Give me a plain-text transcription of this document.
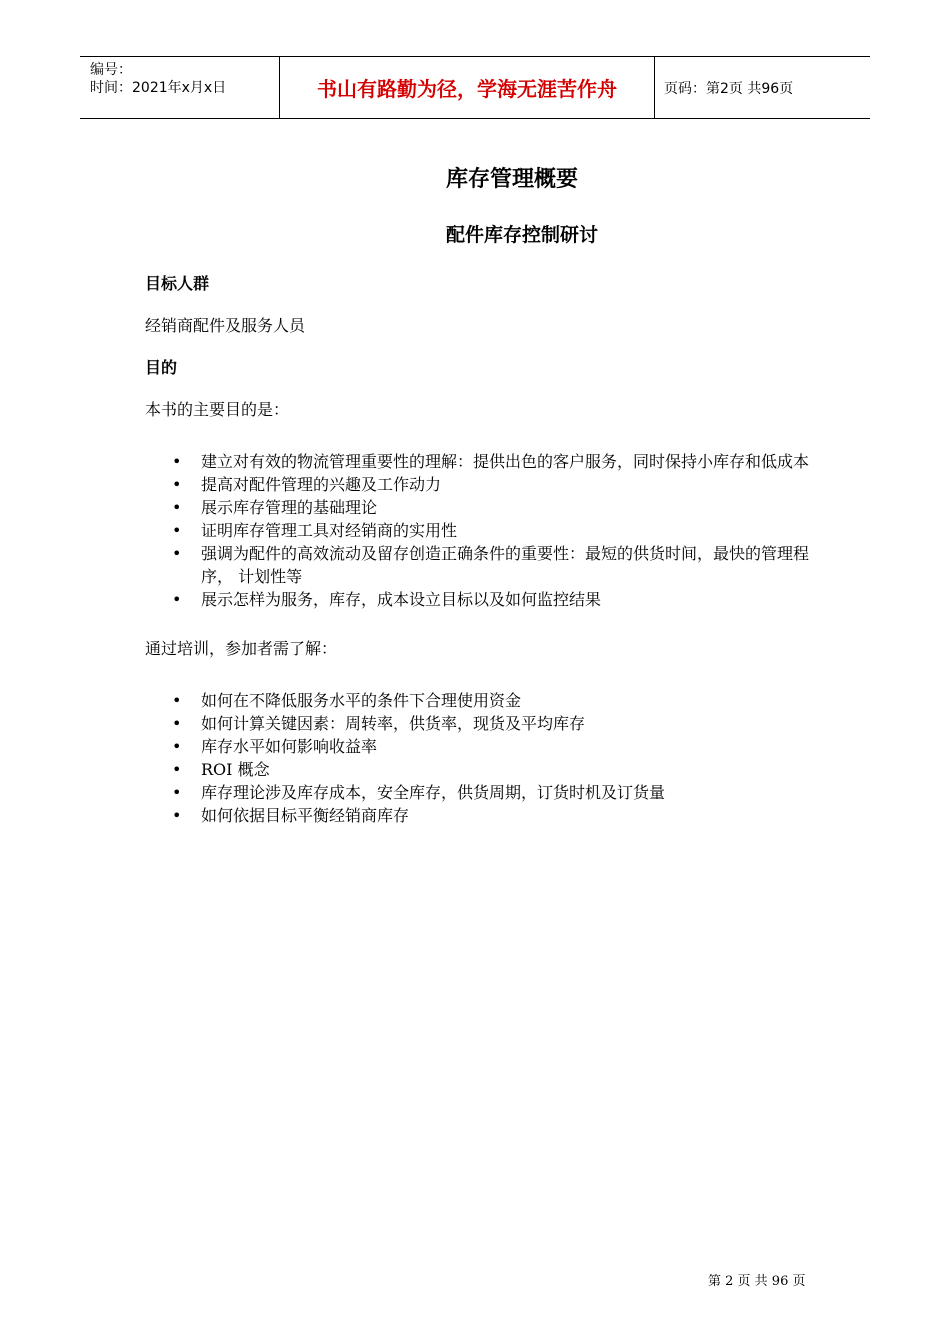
编号：
时间：2021年x月x日	书山有路勤为径，学海无涯苦作舟	页码：第2页 共96页
库存管理概要
配件库存控制研讨
目标人群
经销商配件及服务人员
目的
本书的主要目的是：
• 建立对有效的物流管理重要性的理解：提供出色的客户服务，同时保持小库存和低成本
• 提高对配件管理的兴趣及工作动力
• 展示库存管理的基础理论
• 证明库存管理工具对经销商的实用性
• 强调为配件的高效流动及留存创造正确条件的重要性：最短的供货时间，最快的管理程序， 计划性等
• 展示怎样为服务，库存，成本设立目标以及如何监控结果
通过培训，参加者需了解：
• 如何在不降低服务水平的条件下合理使用资金
• 如何计算关键因素：周转率，供货率，现货及平均库存
• 库存水平如何影响收益率
• ROI 概念
• 库存理论涉及库存成本，安全库存，供货周期，订货时机及订货量
• 如何依据目标平衡经销商库存
第 2 页 共 96 页
